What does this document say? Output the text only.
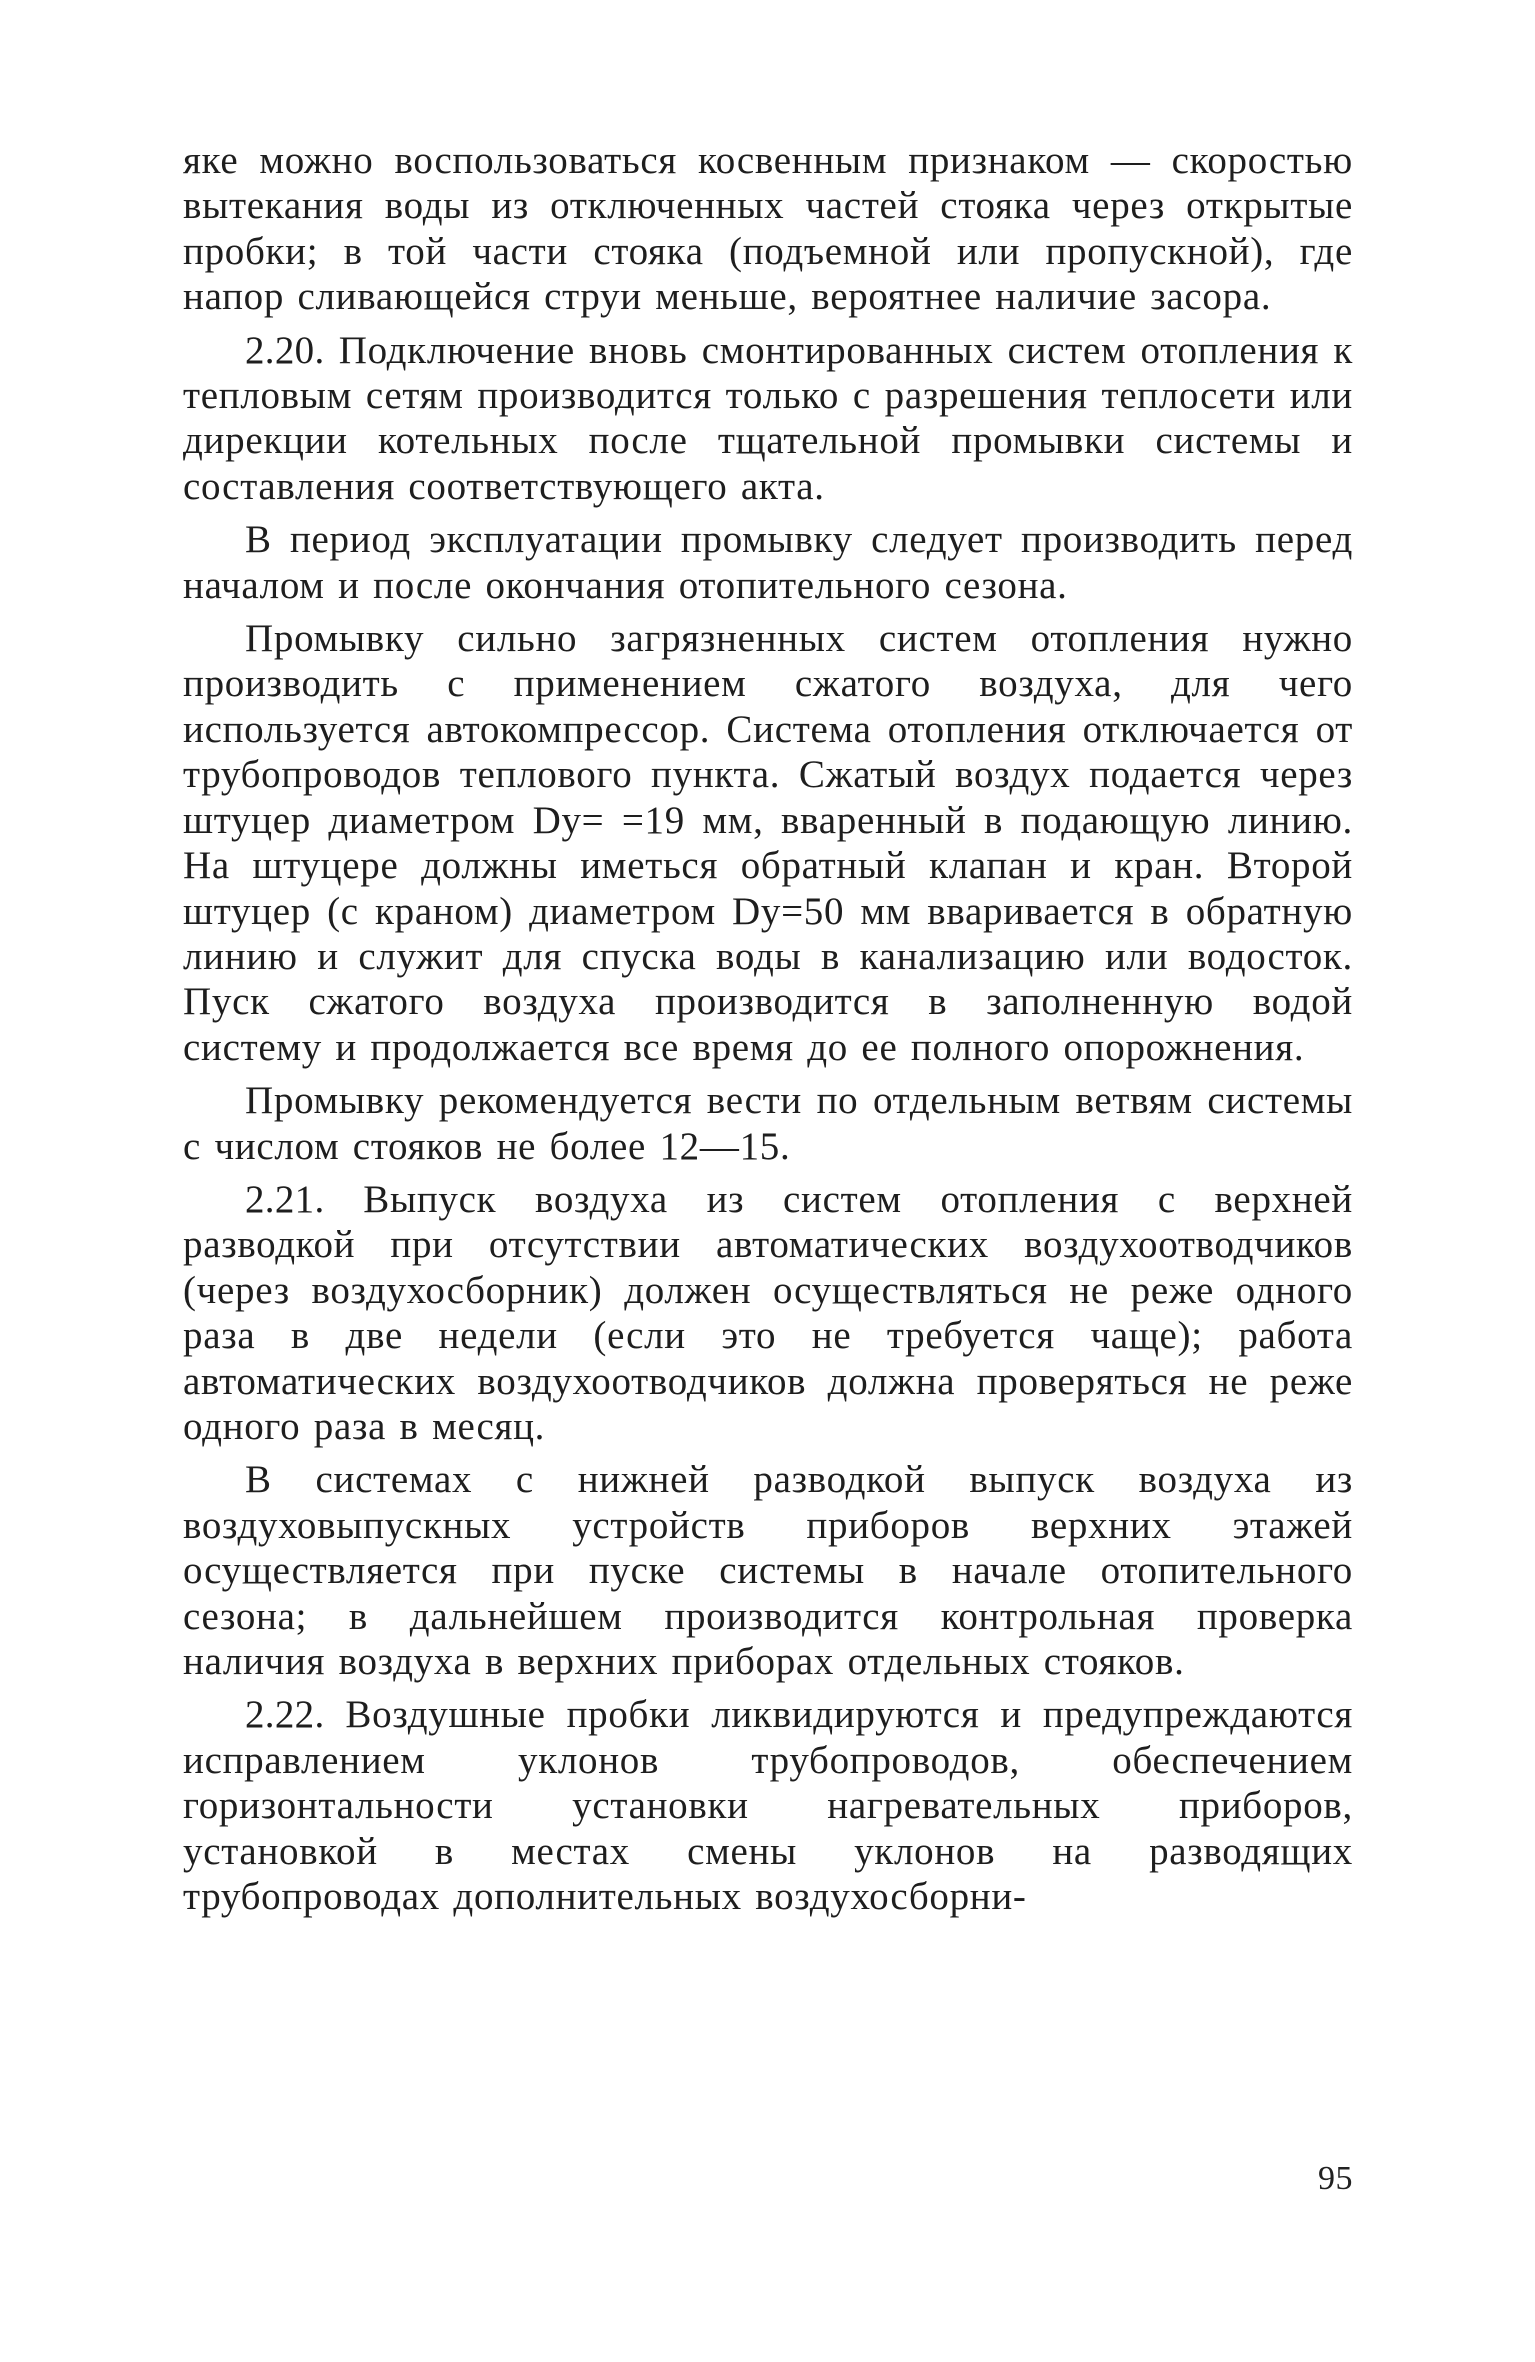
яке можно воспользоваться косвенным признаком — скоростью вытекания воды из отключенных частей стояка через открытые пробки; в той части стояка (подъемной или пропускной), где напор сливающейся струи меньше, вероятнее наличие засора.

2.20. Подключение вновь смонтированных систем отопления к тепловым сетям производится только с разрешения теплосети или дирекции котельных после тщательной промывки системы и составления соответствующего акта.

В период эксплуатации промывку следует производить перед началом и после окончания отопительного сезона.

Промывку сильно загрязненных систем отопления нужно производить с применением сжатого воздуха, для чего используется автокомпрессор. Система отопления отключается от трубопроводов теплового пункта. Сжатый воздух подается через штуцер диаметром Dу= =19 мм, вваренный в подающую линию. На штуцере должны иметься обратный клапан и кран. Второй штуцер (с краном) диаметром Dу=50 мм вваривается в обратную линию и служит для спуска воды в канализацию или водосток. Пуск сжатого воздуха производится в заполненную водой систему и продолжается все время до ее полного опорожнения.

Промывку рекомендуется вести по отдельным ветвям системы с числом стояков не более 12—15.

2.21. Выпуск воздуха из систем отопления с верхней разводкой при отсутствии автоматических воздухоотводчиков (через воздухосборник) должен осуществляться не реже одного раза в две недели (если это не требуется чаще); работа автоматических воздухоотводчиков должна проверяться не реже одного раза в месяц.

В системах с нижней разводкой выпуск воздуха из воздуховыпускных устройств приборов верхних этажей осуществляется при пуске системы в начале отопительного сезона; в дальнейшем производится контрольная проверка наличия воздуха в верхних приборах отдельных стояков.

2.22. Воздушные пробки ликвидируются и предупреждаются исправлением уклонов трубопроводов, обеспечением горизонтальности установки нагревательных приборов, установкой в местах смены уклонов на разводящих трубопроводах дополнительных воздухосборни-

95
